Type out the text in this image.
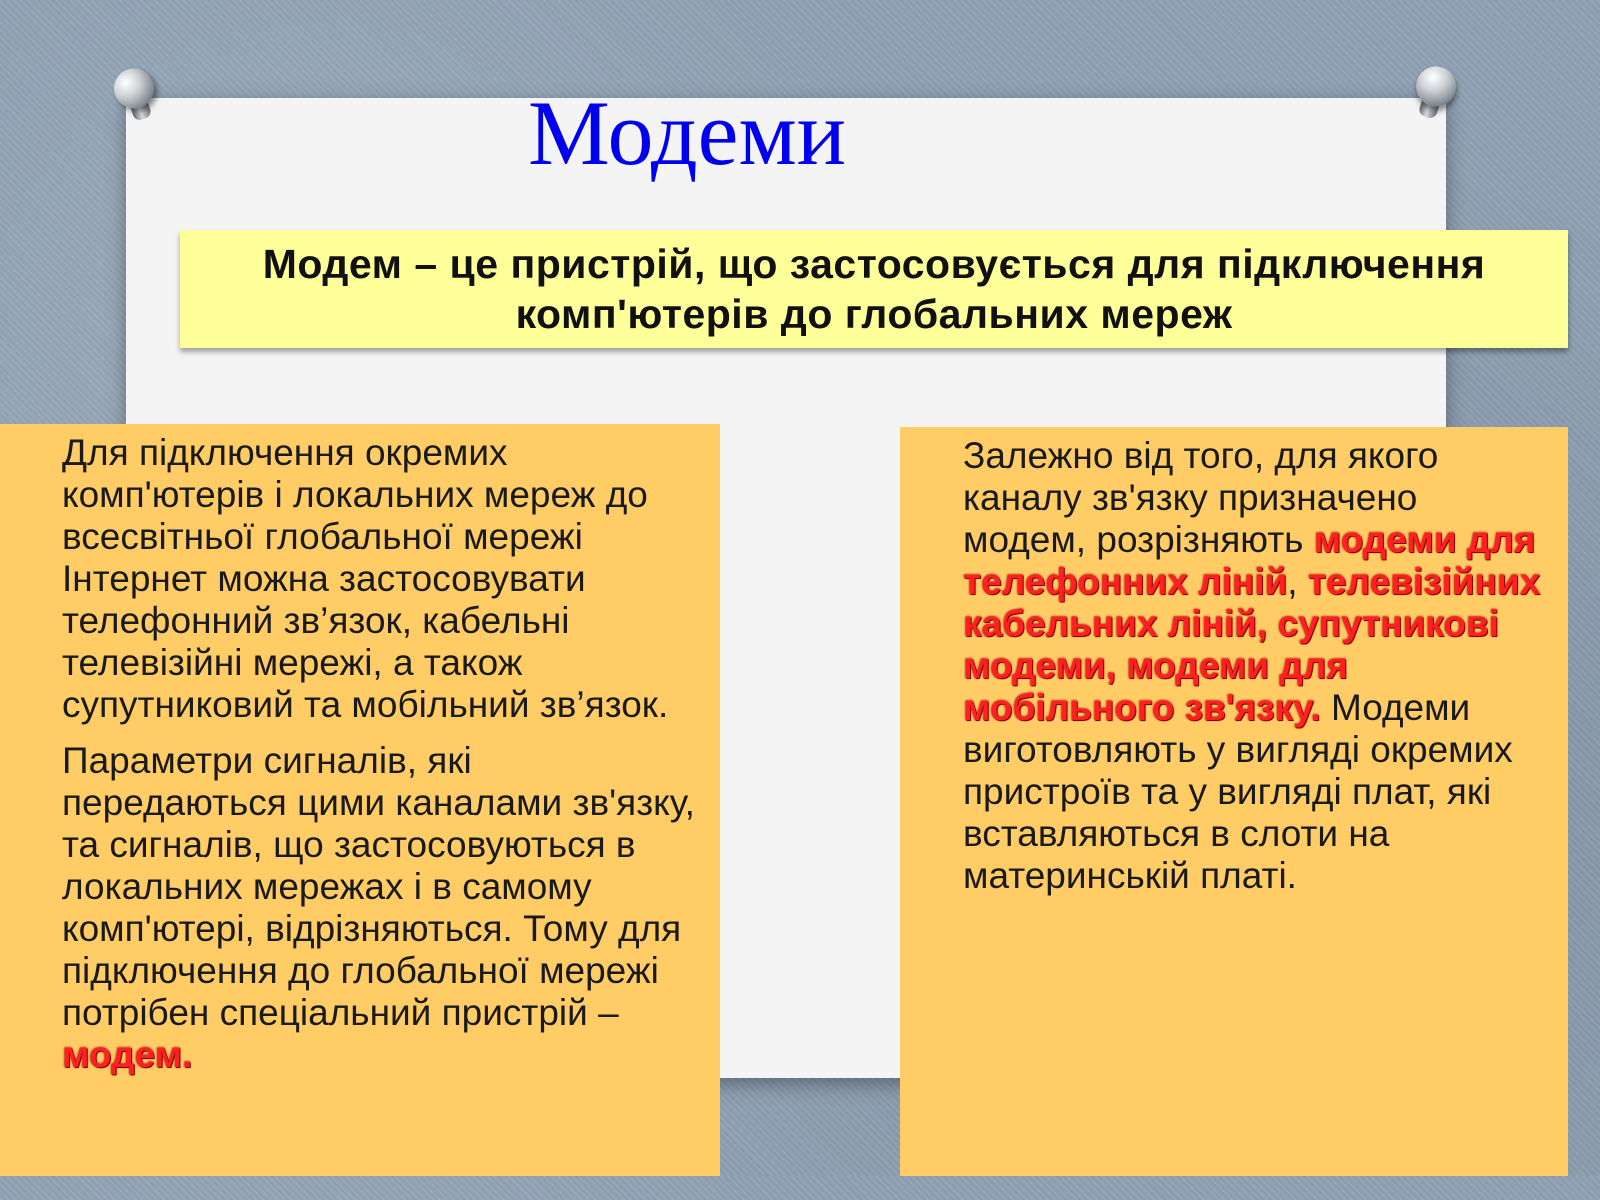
Модеми

Модем – це пристрій, що застосовується для підключення комп'ютерів до глобальних мереж

Для підключення окремих комп'ютерів і локальних мереж до всесвітньої глобальної мережі Інтернет можна застосовувати телефонний зв’язок, кабельні телевізійні мережі, а також супутниковий та мобільний зв’язок.

Параметри сигналів, які передаються цими каналами зв'язку, та сигналів, що застосовуються в локальних мережах і в самому комп'ютері, відрізняються. Тому для підключення до глобальної мережі потрібен спеціальний пристрій – модем.

Залежно від того, для якого каналу зв'язку призначено модем, розрізняють модеми для телефонних ліній, телевізійних кабельних ліній, супутникові модеми, модеми для мобільного зв'язку. Модеми виготовляють у вигляді окремих пристроїв та у вигляді плат, які вставляються в слоти на материнській платі.
